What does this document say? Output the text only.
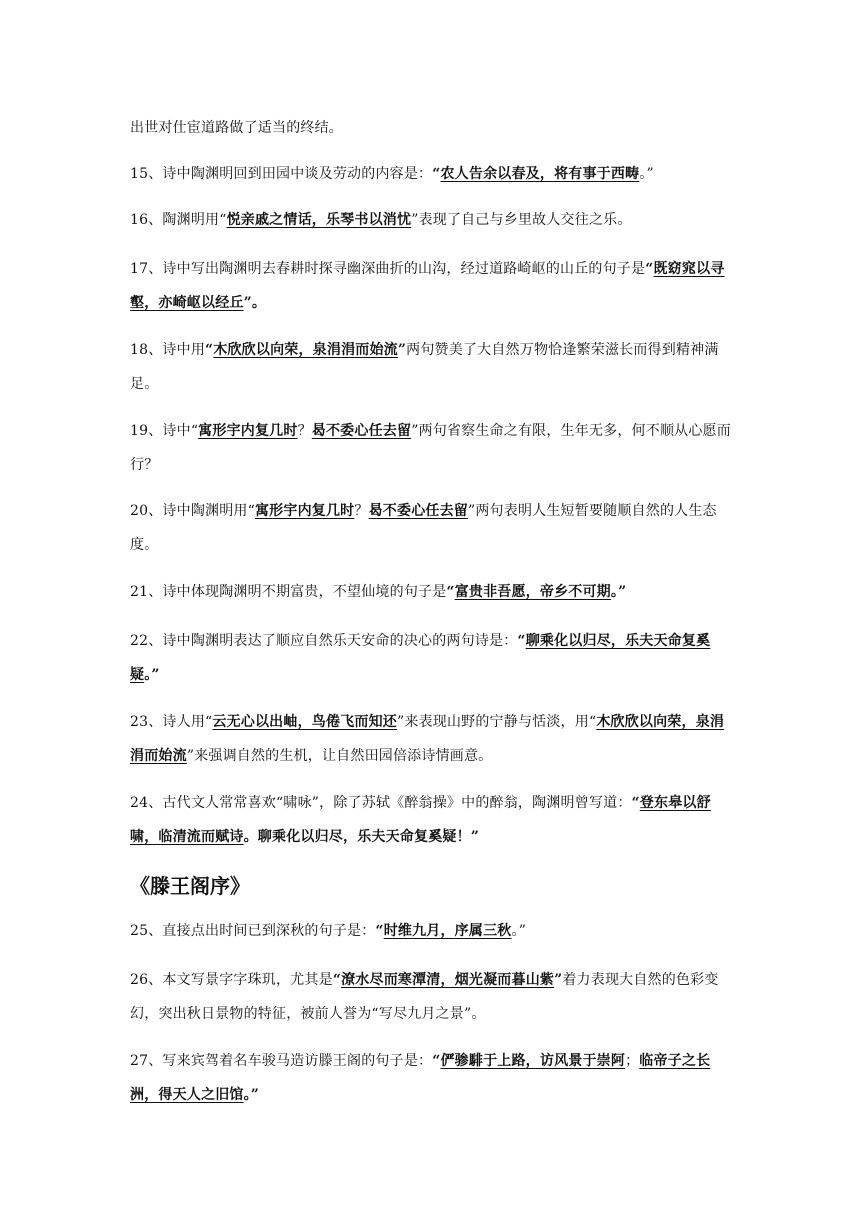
出世对仕宦道路做了适当的终结。
15、诗中陶渊明回到田园中谈及劳动的内容是：“农人告余以春及，将有事于西畴。”
16、陶渊明用“悦亲戚之情话，乐琴书以消忧”表现了自己与乡里故人交往之乐。
17、诗中写出陶渊明去春耕时探寻幽深曲折的山沟，经过道路崎岖的山丘的句子是“既窈窕以寻壑，亦崎岖以经丘”。
18、诗中用“木欣欣以向荣，泉涓涓而始流”两句赞美了大自然万物恰逢繁荣滋长而得到精神满足。
19、诗中“寓形宇内复几时？曷不委心任去留”两句省察生命之有限，生年无多，何不顺从心愿而行？
20、诗中陶渊明用“寓形宇内复几时？曷不委心任去留”两句表明人生短暂要随顺自然的人生态度。
21、诗中体现陶渊明不期富贵，不望仙境的句子是“富贵非吾愿，帝乡不可期。”
22、诗中陶渊明表达了顺应自然乐天安命的决心的两句诗是：“聊乘化以归尽，乐夫天命复奚疑。”
23、诗人用“云无心以出岫，鸟倦飞而知还”来表现山野的宁静与恬淡，用“木欣欣以向荣，泉涓涓而始流”来强调自然的生机，让自然田园倍添诗情画意。
24、古代文人常常喜欢“啸咏”，除了苏轼《醉翁操》中的醉翁，陶渊明曾写道：“登东皋以舒啸，临清流而赋诗。聊乘化以归尽，乐夫天命复奚疑！”
《滕王阁序》
25、直接点出时间已到深秋的句子是：“时维九月，序属三秋。”
26、本文写景字字珠玑，尤其是“潦水尽而寒潭清，烟光凝而暮山紫”着力表现大自然的色彩变幻，突出秋日景物的特征，被前人誉为“写尽九月之景”。
27、写来宾驾着名车骏马造访滕王阁的句子是：“俨骖騑于上路，访风景于崇阿；临帝子之长洲，得天人之旧馆。”
